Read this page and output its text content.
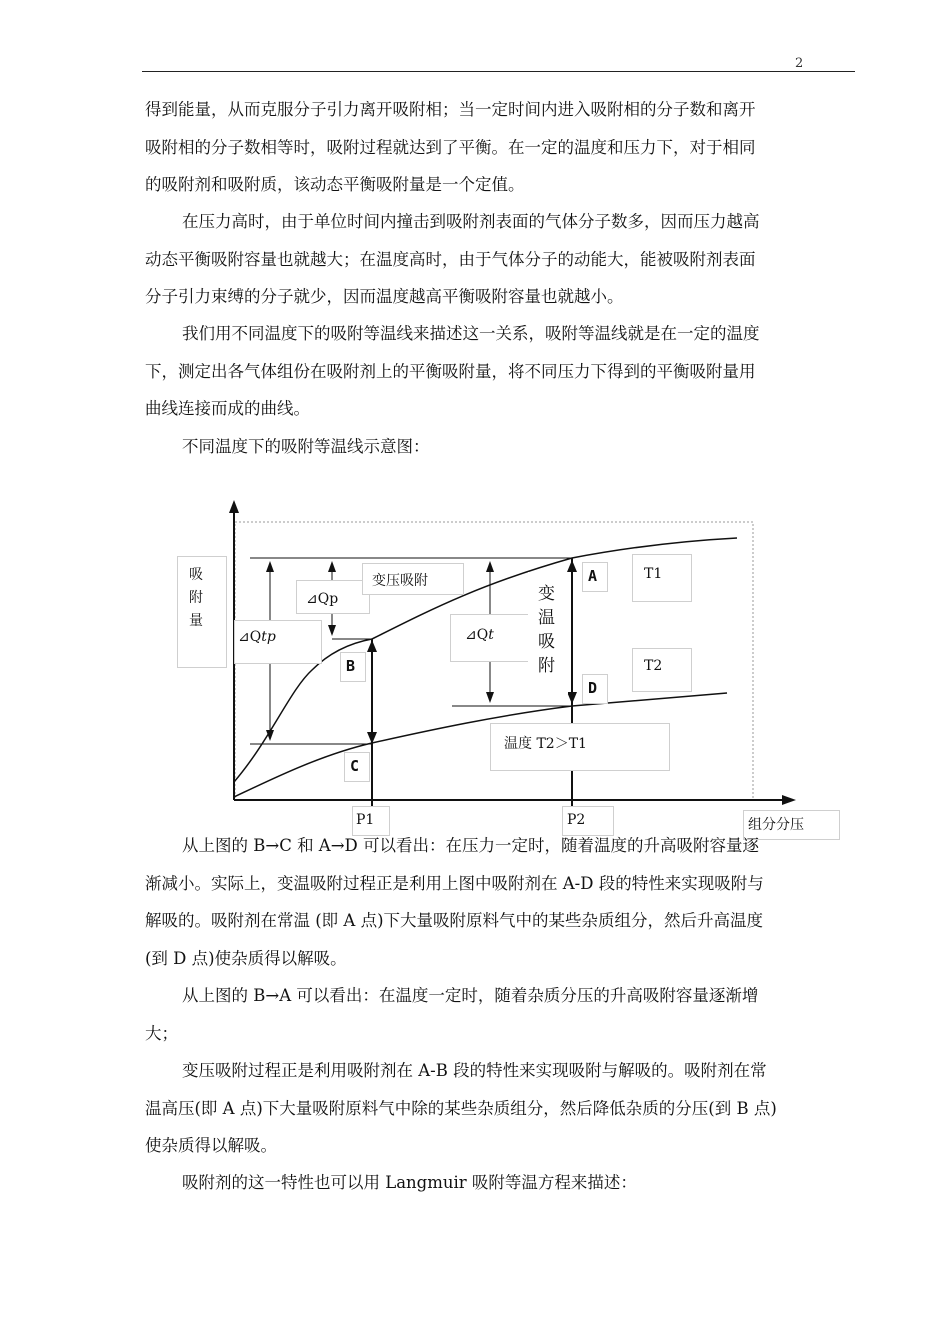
2
得到能量，从而克服分子引力离开吸附相；当一定时间内进入吸附相的分子数和离开
吸附相的分子数相等时，吸附过程就达到了平衡。在一定的温度和压力下，对于相同
的吸附剂和吸附质，该动态平衡吸附量是一个定值。
在压力高时，由于单位时间内撞击到吸附剂表面的气体分子数多，因而压力越高
动态平衡吸附容量也就越大；在温度高时，由于气体分子的动能大，能被吸附剂表面
分子引力束缚的分子就少，因而温度越高平衡吸附容量也就越小。
我们用不同温度下的吸附等温线来描述这一关系，吸附等温线就是在一定的温度
下，测定出各气体组份在吸附剂上的平衡吸附量，将不同压力下得到的平衡吸附量用
曲线连接而成的曲线。
不同温度下的吸附等温线示意图：
吸
附
量
⊿Qtp
⊿Qp
变压吸附
⊿Qt
变
温
吸
附
A
B
C
D
T1
T2
温度 T2＞T1
P1	P2	组分分压
从上图的 B→C 和 A→D 可以看出：在压力一定时，随着温度的升高吸附容量逐
渐减小。实际上，变温吸附过程正是利用上图中吸附剂在 A-D 段的特性来实现吸附与
解吸的。吸附剂在常温 (即 A 点)下大量吸附原料气中的某些杂质组分，然后升高温度
(到 D 点)使杂质得以解吸。
从上图的 B→A 可以看出：在温度一定时，随着杂质分压的升高吸附容量逐渐增
大；
变压吸附过程正是利用吸附剂在 A-B 段的特性来实现吸附与解吸的。吸附剂在常
温高压(即 A 点)下大量吸附原料气中除的某些杂质组分，然后降低杂质的分压(到 B 点)
使杂质得以解吸。
吸附剂的这一特性也可以用 Langmuir 吸附等温方程来描述：
